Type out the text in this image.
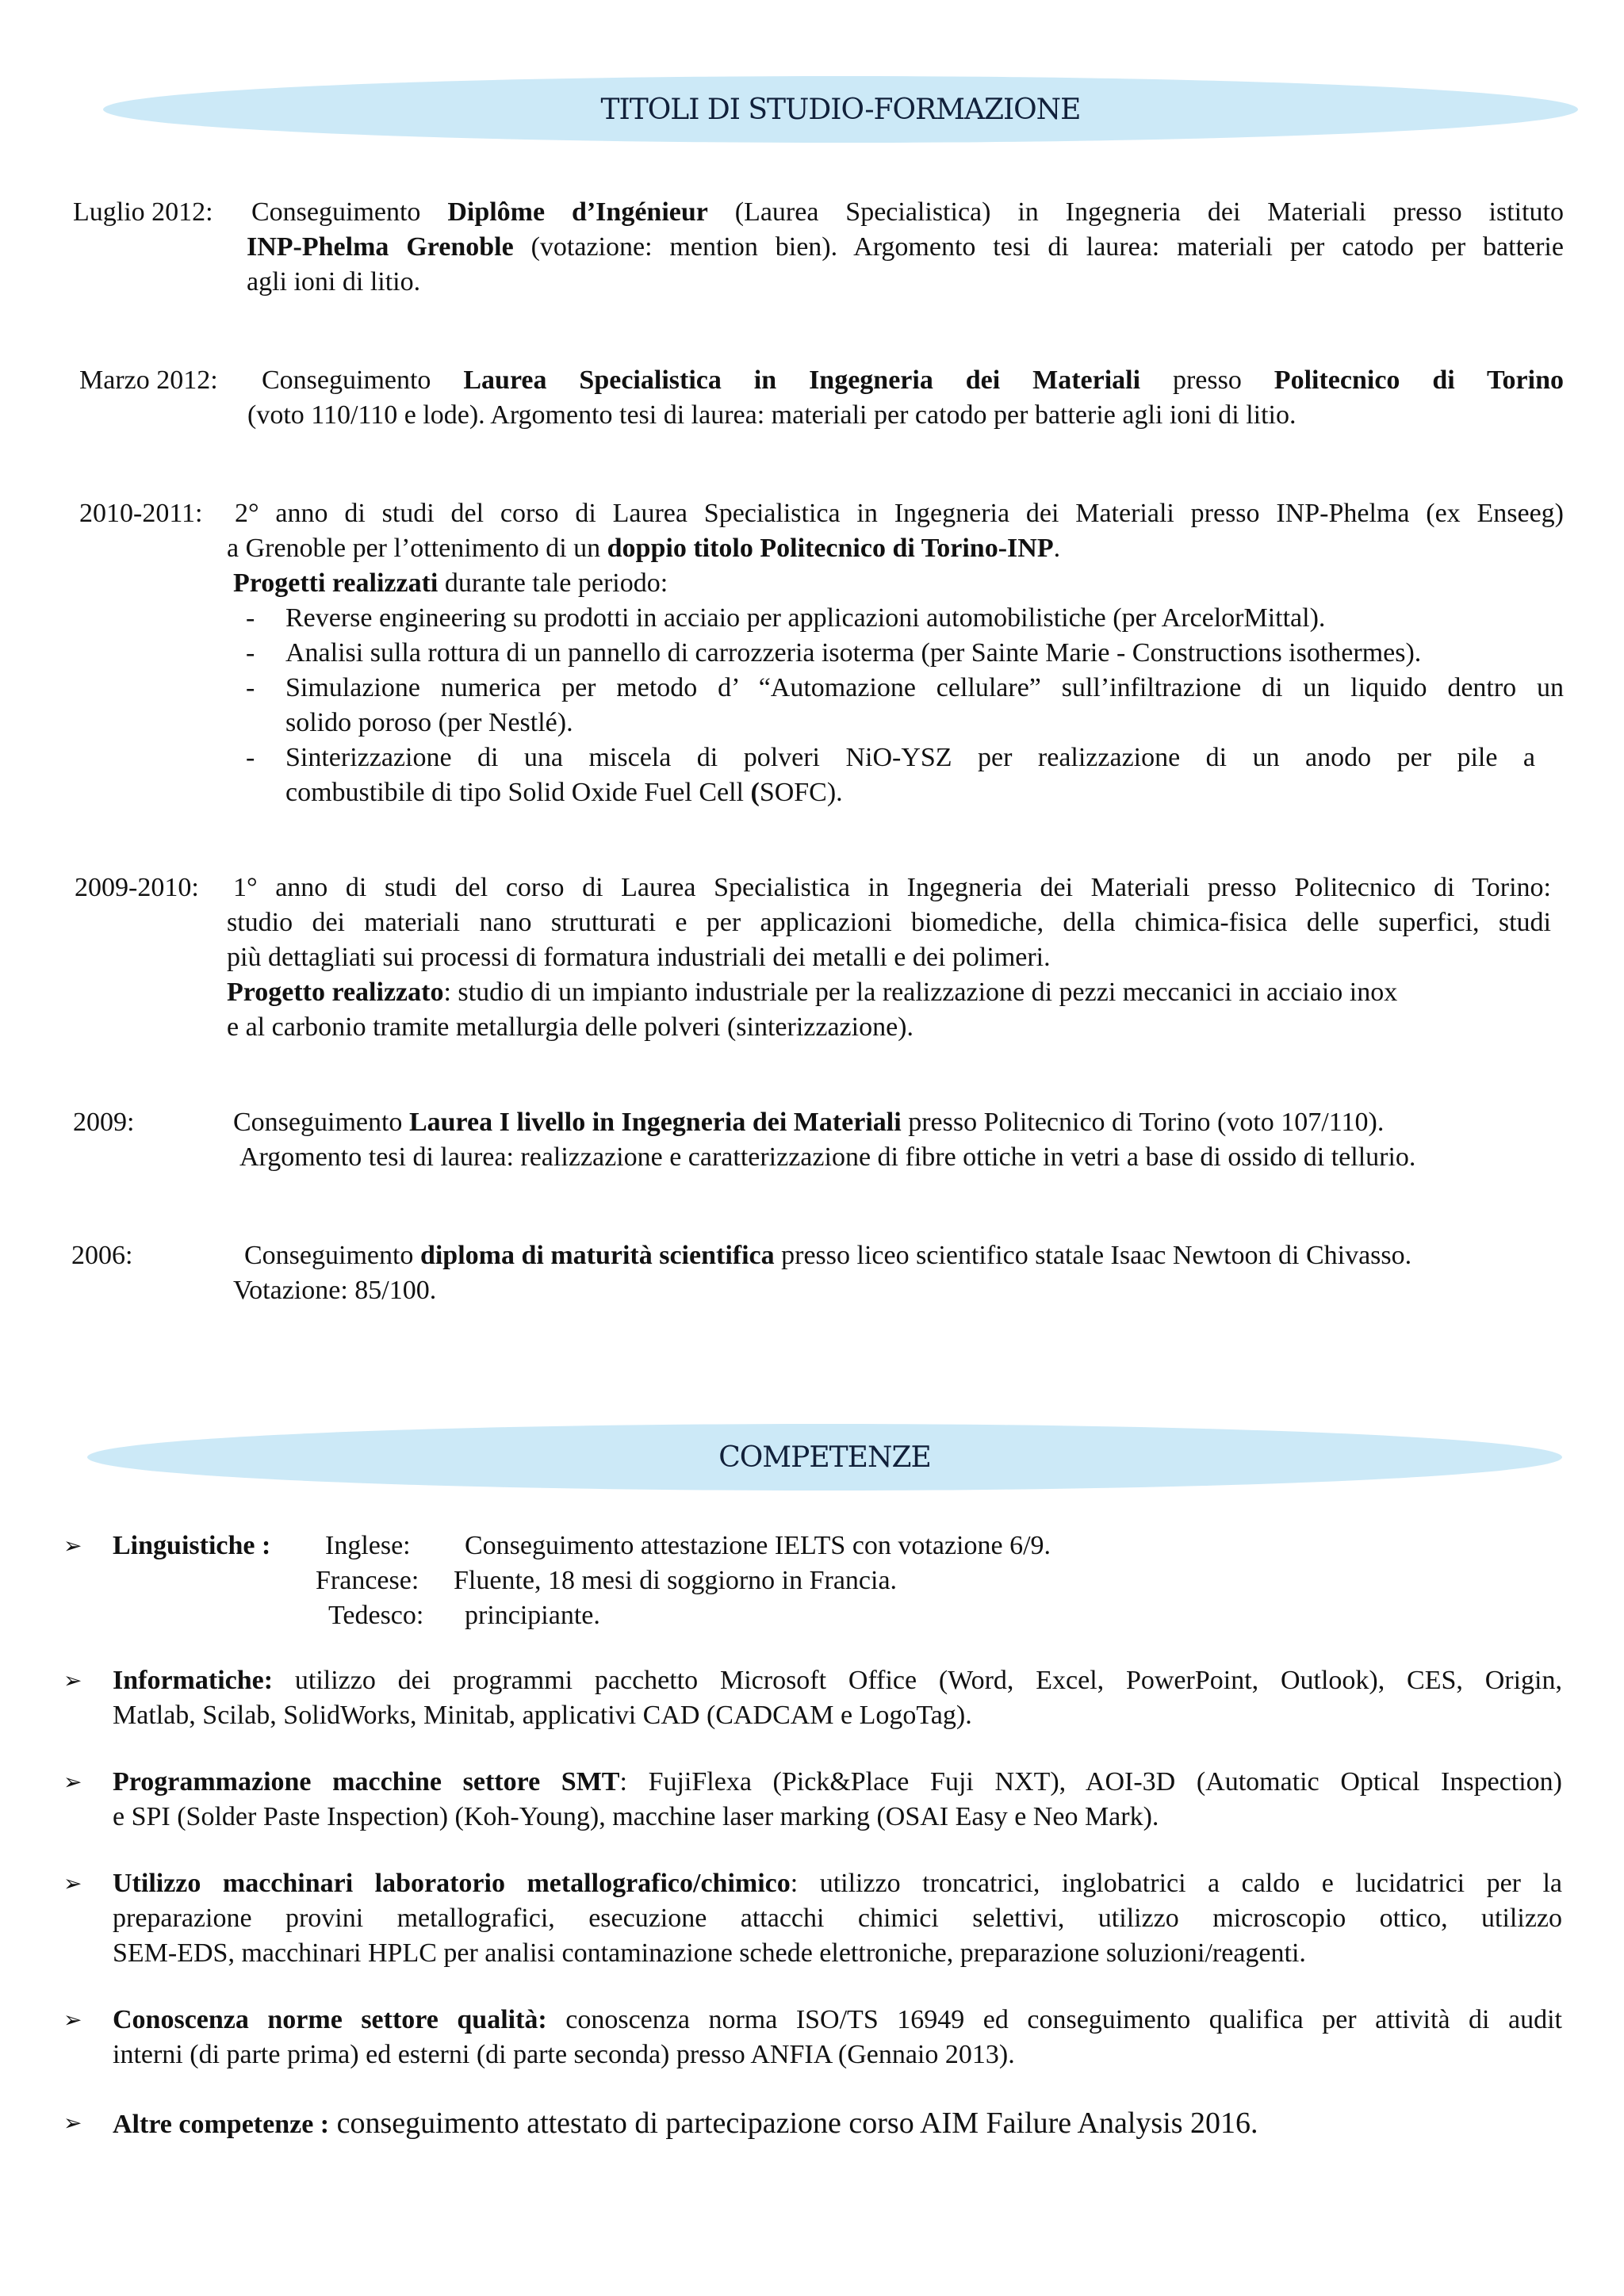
TITOLI DI STUDIO-FORMAZIONE
Luglio 2012: Conseguimento Diplôme d’Ingénieur (Laurea Specialistica) in Ingegneria dei Materiali presso istituto
INP-Phelma Grenoble (votazione: mention bien). Argomento tesi di laurea: materiali per catodo per batterie
agli ioni di litio.
Marzo 2012: Conseguimento Laurea Specialistica in Ingegneria dei Materiali presso Politecnico di Torino
(voto 110/110 e lode). Argomento tesi di laurea: materiali per catodo per batterie agli ioni di litio.
2010-2011: 2° anno di studi del corso di Laurea Specialistica in Ingegneria dei Materiali presso INP-Phelma (ex Enseeg)
a Grenoble per l’ottenimento di un doppio titolo Politecnico di Torino-INP.
Progetti realizzati durante tale periodo:
- Reverse engineering su prodotti in acciaio per applicazioni automobilistiche (per ArcelorMittal).
- Analisi sulla rottura di un pannello di carrozzeria isoterma (per Sainte Marie - Constructions isothermes).
- Simulazione numerica per metodo d’ “Automazione cellulare” sull’infiltrazione di un liquido dentro un
solido poroso (per Nestlé).
- Sinterizzazione di una miscela di polveri NiO-YSZ per realizzazione di un anodo per pile a
combustibile di tipo Solid Oxide Fuel Cell (SOFC).
2009-2010: 1° anno di studi del corso di Laurea Specialistica in Ingegneria dei Materiali presso Politecnico di Torino:
studio dei materiali nano strutturati e per applicazioni biomediche, della chimica-fisica delle superfici, studi
più dettagliati sui processi di formatura industriali dei metalli e dei polimeri.
Progetto realizzato: studio di un impianto industriale per la realizzazione di pezzi meccanici in acciaio inox
e al carbonio tramite metallurgia delle polveri (sinterizzazione).
2009:	Conseguimento Laurea I livello in Ingegneria dei Materiali presso Politecnico di Torino (voto 107/110).
Argomento tesi di laurea: realizzazione e caratterizzazione di fibre ottiche in vetri a base di ossido di tellurio.
2006:	Conseguimento diploma di maturità scientifica presso liceo scientifico statale Isaac Newtoon di Chivasso.
Votazione: 85/100.
COMPETENZE
➢ Linguistiche : Inglese: Conseguimento attestazione IELTS con votazione 6/9.
Francese: Fluente, 18 mesi di soggiorno in Francia.
Tedesco: principiante.
➢ Informatiche: utilizzo dei programmi pacchetto Microsoft Office (Word, Excel, PowerPoint, Outlook), CES, Origin,
Matlab, Scilab, SolidWorks, Minitab, applicativi CAD (CADCAM e LogoTag).
➢ Programmazione macchine settore SMT: FujiFlexa (Pick&Place Fuji NXT), AOI-3D (Automatic Optical Inspection)
e SPI (Solder Paste Inspection) (Koh-Young), macchine laser marking (OSAI Easy e Neo Mark).
➢ Utilizzo macchinari laboratorio metallografico/chimico: utilizzo troncatrici, inglobatrici a caldo e lucidatrici per la
preparazione provini metallografici, esecuzione attacchi chimici selettivi, utilizzo microscopio ottico, utilizzo
SEM-EDS, macchinari HPLC per analisi contaminazione schede elettroniche, preparazione soluzioni/reagenti.
➢ Conoscenza norme settore qualità: conoscenza norma ISO/TS 16949 ed conseguimento qualifica per attività di audit
interni (di parte prima) ed esterni (di parte seconda) presso ANFIA (Gennaio 2013).
➢ Altre competenze : conseguimento attestato di partecipazione corso AIM Failure Analysis 2016.
